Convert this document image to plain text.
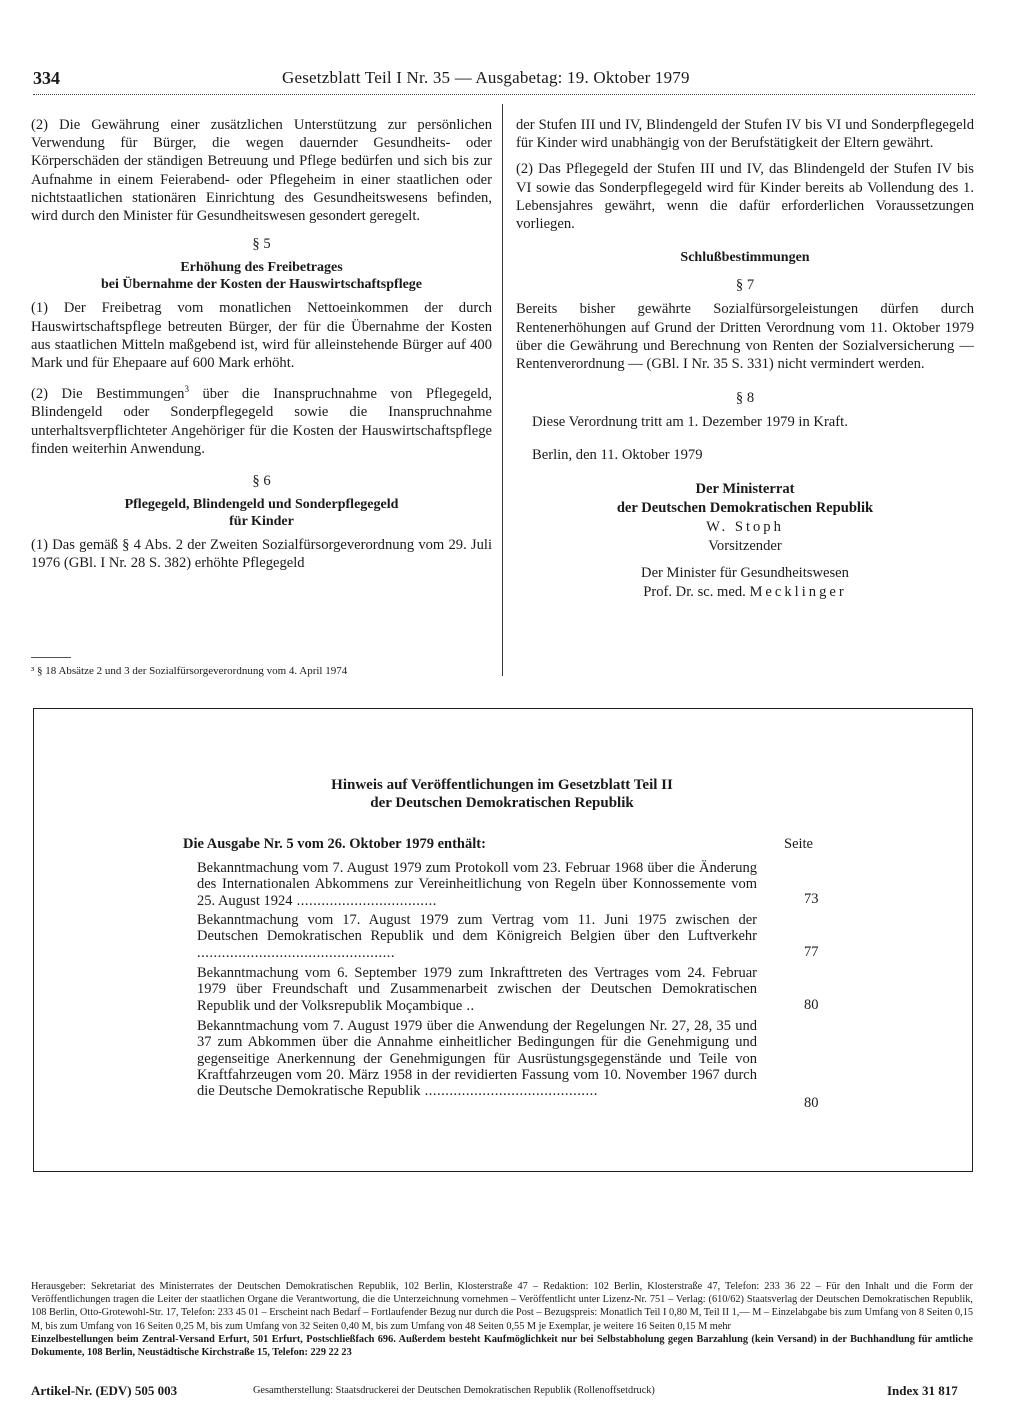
334	Gesetzblatt Teil I Nr. 35 — Ausgabetag: 19. Oktober 1979

(2) Die Gewährung einer zusätzlichen Unterstützung zur persönlichen Verwendung für Bürger, die wegen dauernder Gesundheits- oder Körperschäden der ständigen Betreuung und Pflege bedürfen und sich bis zur Aufnahme in einem Feierabend- oder Pflegeheim in einer staatlichen oder nichtstaatlichen stationären Einrichtung des Gesundheitswesens befinden, wird durch den Minister für Gesundheitswesen gesondert geregelt.

§ 5
Erhöhung des Freibetrages
bei Übernahme der Kosten der Hauswirtschaftspflege

(1) Der Freibetrag vom monatlichen Nettoeinkommen der durch Hauswirtschaftspflege betreuten Bürger, der für die Übernahme der Kosten aus staatlichen Mitteln maßgebend ist, wird für alleinstehende Bürger auf 400 Mark und für Ehepaare auf 600 Mark erhöht.

(2) Die Bestimmungen$^3$ über die Inanspruchnahme von Pflegegeld, Blindengeld oder Sonderpflegegeld sowie die Inanspruchnahme unterhaltsverpflichteter Angehöriger für die Kosten der Hauswirtschaftspflege finden weiterhin Anwendung.

§ 6
Pflegegeld, Blindengeld und Sonderpflegegeld
für Kinder

(1) Das gemäß § 4 Abs. 2 der Zweiten Sozialfürsorgeverordnung vom 29. Juli 1976 (GBl. I Nr. 28 S. 382) erhöhte Pflegegeld

³ § 18 Absätze 2 und 3 der Sozialfürsorgeverordnung vom 4. April 1974

der Stufen III und IV, Blindengeld der Stufen IV bis VI und Sonderpflegegeld für Kinder wird unabhängig von der Berufstätigkeit der Eltern gewährt.

(2) Das Pflegegeld der Stufen III und IV, das Blindengeld der Stufen IV bis VI sowie das Sonderpflegegeld wird für Kinder bereits ab Vollendung des 1. Lebensjahres gewährt, wenn die dafür erforderlichen Voraussetzungen vorliegen.

Schlußbestimmungen
§ 7

Bereits bisher gewährte Sozialfürsorgeleistungen dürfen durch Rentenerhöhungen auf Grund der Dritten Verordnung vom 11. Oktober 1979 über die Gewährung und Berechnung von Renten der Sozialversicherung — Rentenverordnung — (GBl. I Nr. 35 S. 331) nicht vermindert werden.

§ 8

Diese Verordnung tritt am 1. Dezember 1979 in Kraft.

Berlin, den 11. Oktober 1979

Der Ministerrat
der Deutschen Demokratischen Republik
W. Stoph
Vorsitzender
Der Minister für Gesundheitswesen
Prof. Dr. sc. med. Mecklinger
Hinweis auf Veröffentlichungen im Gesetzblatt Teil II
der Deutschen Demokratischen Republik
Die Ausgabe Nr. 5 vom 26. Oktober 1979 enthält:	Seite
Bekanntmachung vom 7. August 1979 zum Protokoll vom 23. Februar 1968 über die Änderung des Internationalen Abkommens zur Vereinheitlichung von Regeln über Konnossemente vom 25. August 1924 ..................................	73
Bekanntmachung vom 17. August 1979 zum Vertrag vom 11. Juni 1975 zwischen der Deutschen Demokratischen Republik und dem Königreich Belgien über den Luftverkehr ................................................	77
Bekanntmachung vom 6. September 1979 zum Inkrafttreten des Vertrages vom 24. Februar 1979 über Freundschaft und Zusammenarbeit zwischen der Deutschen Demokratischen Republik und der Volksrepublik Moçambique ..	80
Bekanntmachung vom 7. August 1979 über die Anwendung der Regelungen Nr. 27, 28, 35 und 37 zum Abkommen über die Annahme einheitlicher Bedingungen für die Genehmigung und gegenseitige Anerkennung der Genehmigungen für Ausrüstungsgegenstände und Teile von Kraftfahrzeugen vom 20. März 1958 in der revidierten Fassung vom 10. November 1967 durch die Deutsche Demokratische Republik ..........................................
80
Herausgeber: Sekretariat des Ministerrates der Deutschen Demokratischen Republik, 102 Berlin, Klosterstraße 47 – Redaktion: 102 Berlin, Klosterstraße 47, Telefon: 233 36 22 – Für den Inhalt und die Form der Veröffentlichungen tragen die Leiter der staatlichen Organe die Verantwortung, die die Unterzeichnung vornehmen – Veröffentlicht unter Lizenz-Nr. 751 – Verlag: (610/62) Staatsverlag der Deutschen Demokratischen Republik, 108 Berlin, Otto-Grotewohl-Str. 17, Telefon: 233 45 01 – Erscheint nach Bedarf – Fortlaufender Bezug nur durch die Post – Bezugspreis: Monatlich Teil I 0,80 M, Teil II 1,— M – Einzelabgabe bis zum Umfang von 8 Seiten 0,15 M, bis zum Umfang von 16 Seiten 0,25 M, bis zum Umfang von 32 Seiten 0,40 M, bis zum Umfang von 48 Seiten 0,55 M je Exemplar, je weitere 16 Seiten 0,15 M mehr
Einzelbestellungen beim Zentral-Versand Erfurt, 501 Erfurt, Postschließfach 696. Außerdem besteht Kaufmöglichkeit nur bei Selbstabholung gegen Barzahlung (kein Versand) in der Buchhandlung für amtliche Dokumente, 108 Berlin, Neustädtische Kirchstraße 15, Telefon: 229 22 23
Artikel-Nr. (EDV) 505 003	Gesamtherstellung: Staatsdruckerei der Deutschen Demokratischen Republik (Rollenoffsetdruck)	Index 31 817
